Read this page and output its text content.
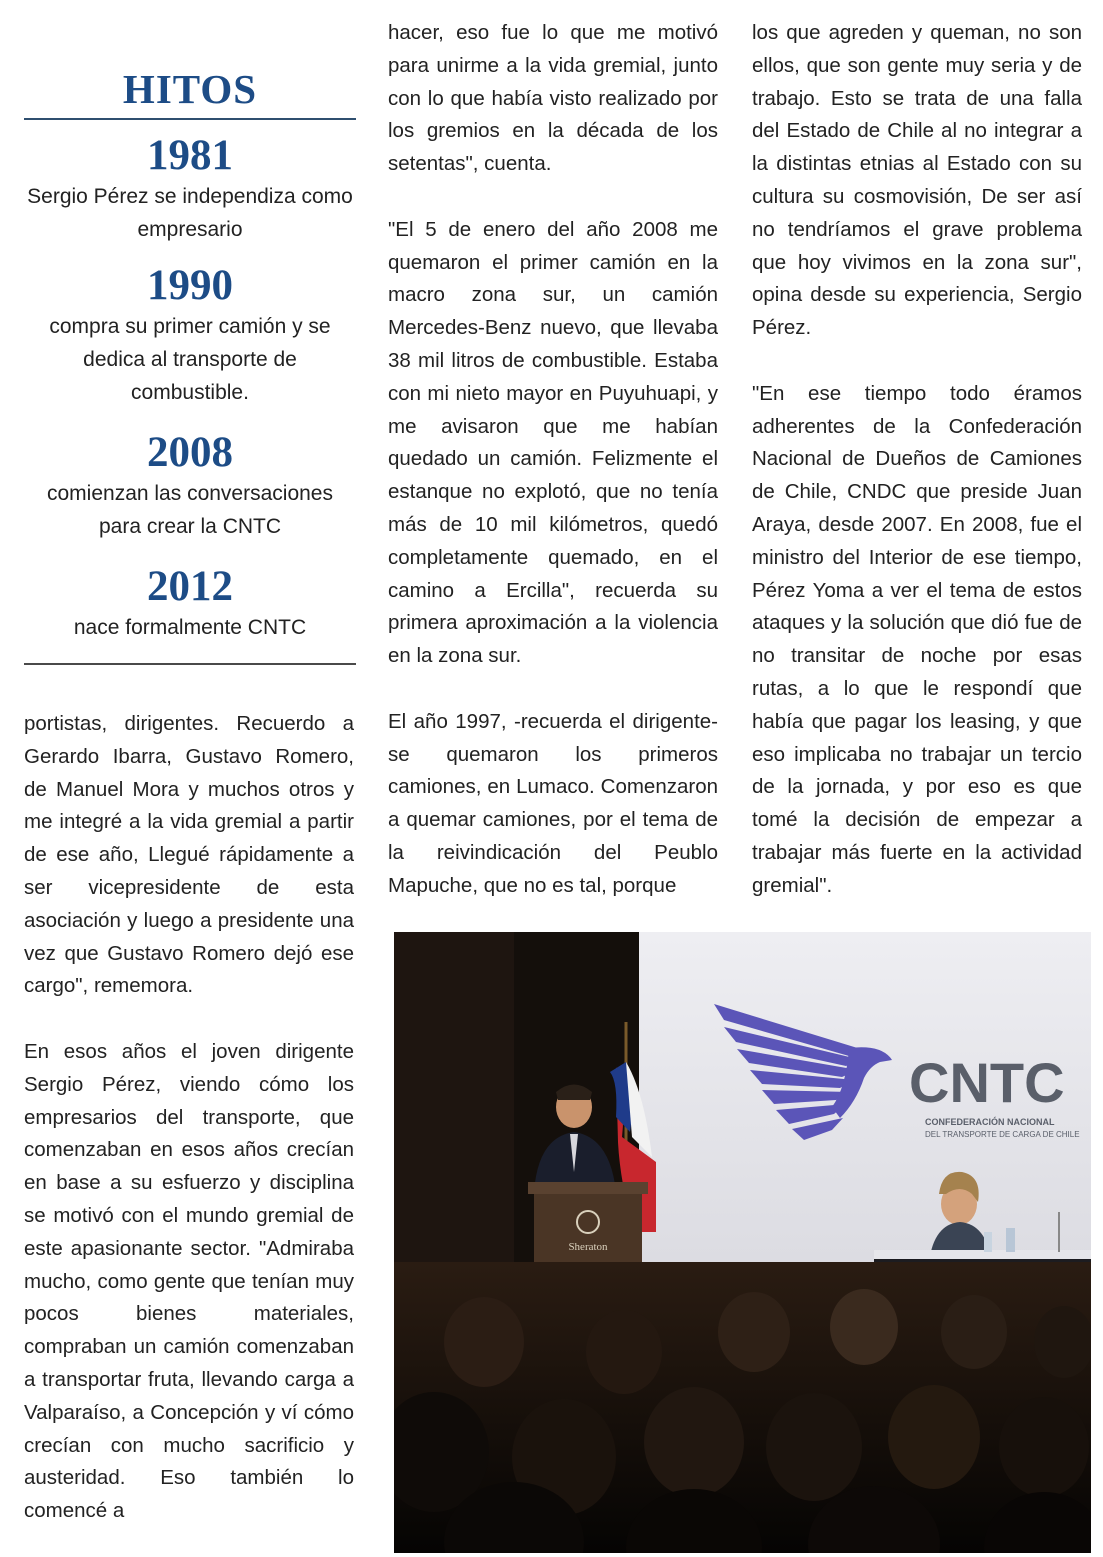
HITOS
1981
Sergio Pérez se independiza como empresario
1990
compra su primer camión y se dedica al transporte de combustible.
2008
comienzan las conversaciones para crear la CNTC
2012
nace formalmente CNTC

portistas, dirigentes. Recuerdo a Gerardo Ibarra, Gustavo Romero, de Manuel Mora y muchos otros y me integré a la vida gremial a partir de ese año, Llegué rápidamente a ser vicepresidente de esta asociación y luego a presidente una vez que Gustavo Romero dejó ese cargo", rememora.

En esos años el joven dirigente Sergio Pérez, viendo cómo los empresarios del transporte, que comenzaban en esos años crecían en base a su esfuerzo y disciplina se motivó con el mundo gremial de este apasionante sector. "Admiraba mucho, como gente que tenían muy pocos bienes materiales, compraban un camión comenzaban a transportar fruta, llevando carga a Valparaíso, a Concepción y ví cómo crecían con mucho sacrificio y austeridad. Eso también lo comencé a

hacer, eso fue lo que me motivó para unirme a la vida gremial, junto con lo que había visto realizado por los gremios en la década de los setentas", cuenta.

"El 5 de enero del año 2008 me quemaron el primer camión en la macro zona sur, un camión Mercedes-Benz nuevo, que llevaba 38 mil litros de combustible. Estaba con mi nieto mayor en Puyuhuapi, y me avisaron que me habían quedado un camión. Felizmente el estanque no explotó, que no tenía más de 10 mil kilómetros, quedó completamente quemado, en el camino a Ercilla", recuerda su primera aproximación a la violencia en la zona sur.

El año 1997, -recuerda el dirigente- se quemaron los primeros camiones, en Lumaco. Comenzaron a quemar camiones, por el tema de la reivindicación del Peublo Mapuche, que no es tal, porque

los que agreden y queman, no son ellos, que son gente muy seria y de trabajo. Esto se trata de una falla del Estado de Chile al no integrar a la distintas etnias al Estado con su cultura su cosmovisión, De ser así no tendríamos el grave problema que hoy vivimos en la zona sur", opina desde su experiencia, Sergio Pérez.

"En ese tiempo todo éramos adherentes de la Confederación Nacional de Dueños de Camiones de Chile, CNDC que preside Juan Araya, desde 2007. En 2008, fue el ministro del Interior de ese tiempo, Pérez Yoma a ver el tema de estos ataques y la solución que dió fue de no transitar de noche por esas rutas, a lo que le respondí que había que pagar los leasing, y que eso implicaba no trabajar un tercio de la jornada, y por eso es que tomé la decisión de empezar a trabajar más fuerte en la actividad gremial".

CNTC
CONFEDERACIÓN NACIONAL
DEL TRANSPORTE DE CARGA DE CHILE
Sheraton
